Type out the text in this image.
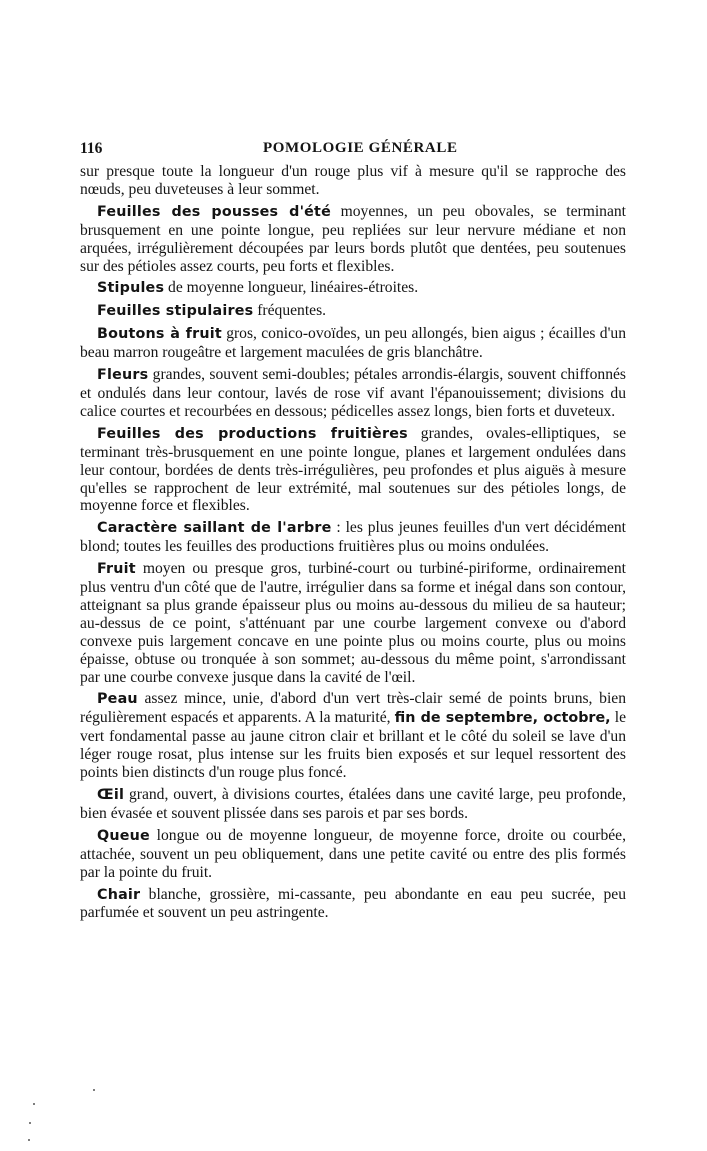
116	POMOLOGIE GÉNÉRALE

sur presque toute la longueur d'un rouge plus vif à mesure qu'il se rapproche des nœuds, peu duveteuses à leur sommet.

Feuilles des pousses d'été moyennes, un peu obovales, se terminant brusquement en une pointe longue, peu repliées sur leur nervure médiane et non arquées, irrégulièrement découpées par leurs bords plutôt que dentées, peu soutenues sur des pétioles assez courts, peu forts et flexibles.

Stipules de moyenne longueur, linéaires-étroites.

Feuilles stipulaires fréquentes.

Boutons à fruit gros, conico-ovoïdes, un peu allongés, bien aigus ; écailles d'un beau marron rougeâtre et largement maculées de gris blanchâtre.

Fleurs grandes, souvent semi-doubles; pétales arrondis-élargis, souvent chiffonnés et ondulés dans leur contour, lavés de rose vif avant l'épanouissement; divisions du calice courtes et recourbées en dessous; pédicelles assez longs, bien forts et duveteux.

Feuilles des productions fruitières grandes, ovales-elliptiques, se terminant très-brusquement en une pointe longue, planes et largement ondulées dans leur contour, bordées de dents très-irrégulières, peu profondes et plus aiguës à mesure qu'elles se rapprochent de leur extrémité, mal soutenues sur des pétioles longs, de moyenne force et flexibles.

Caractère saillant de l'arbre : les plus jeunes feuilles d'un vert décidément blond; toutes les feuilles des productions fruitières plus ou moins ondulées.

Fruit moyen ou presque gros, turbiné-court ou turbiné-piriforme, ordinairement plus ventru d'un côté que de l'autre, irrégulier dans sa forme et inégal dans son contour, atteignant sa plus grande épaisseur plus ou moins au-dessous du milieu de sa hauteur; au-dessus de ce point, s'atténuant par une courbe largement convexe ou d'abord convexe puis largement concave en une pointe plus ou moins courte, plus ou moins épaisse, obtuse ou tronquée à son sommet; au-dessous du même point, s'arrondissant par une courbe convexe jusque dans la cavité de l'œil.

Peau assez mince, unie, d'abord d'un vert très-clair semé de points bruns, bien régulièrement espacés et apparents. A la maturité, fin de septembre, octobre, le vert fondamental passe au jaune citron clair et brillant et le côté du soleil se lave d'un léger rouge rosat, plus intense sur les fruits bien exposés et sur lequel ressortent des points bien distincts d'un rouge plus foncé.

Œil grand, ouvert, à divisions courtes, étalées dans une cavité large, peu profonde, bien évasée et souvent plissée dans ses parois et par ses bords.

Queue longue ou de moyenne longueur, de moyenne force, droite ou courbée, attachée, souvent un peu obliquement, dans une petite cavité ou entre des plis formés par la pointe du fruit.

Chair blanche, grossière, mi-cassante, peu abondante en eau peu sucrée, peu parfumée et souvent un peu astringente.
